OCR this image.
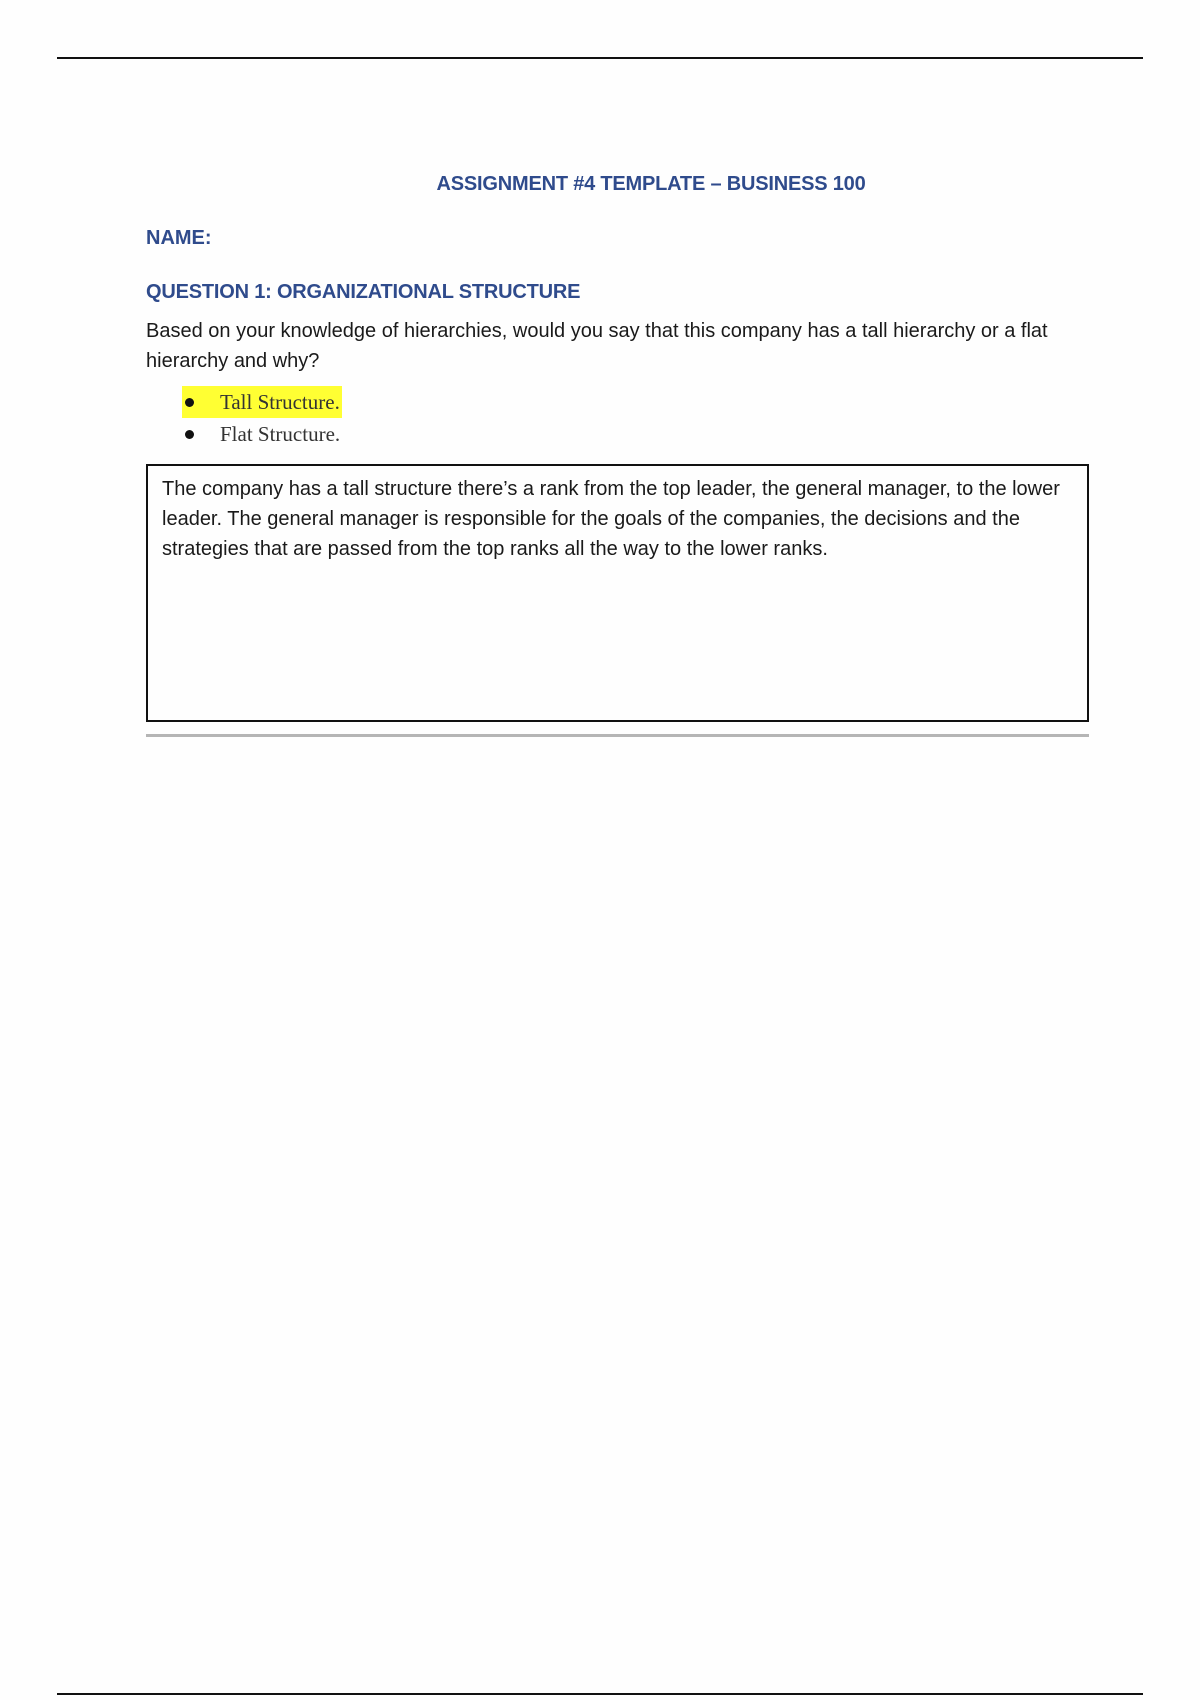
ASSIGNMENT #4 TEMPLATE – BUSINESS 100

NAME:

QUESTION 1: ORGANIZATIONAL STRUCTURE

Based on your knowledge of hierarchies, would you say that this company has a tall hierarchy or a flat hierarchy and why?

Tall Structure.
Flat Structure.
The company has a tall structure there’s a rank from the top leader, the general manager, to the lower leader. The general manager is responsible for the goals of the companies, the decisions and the strategies that are passed from the top ranks all the way to the lower ranks.
